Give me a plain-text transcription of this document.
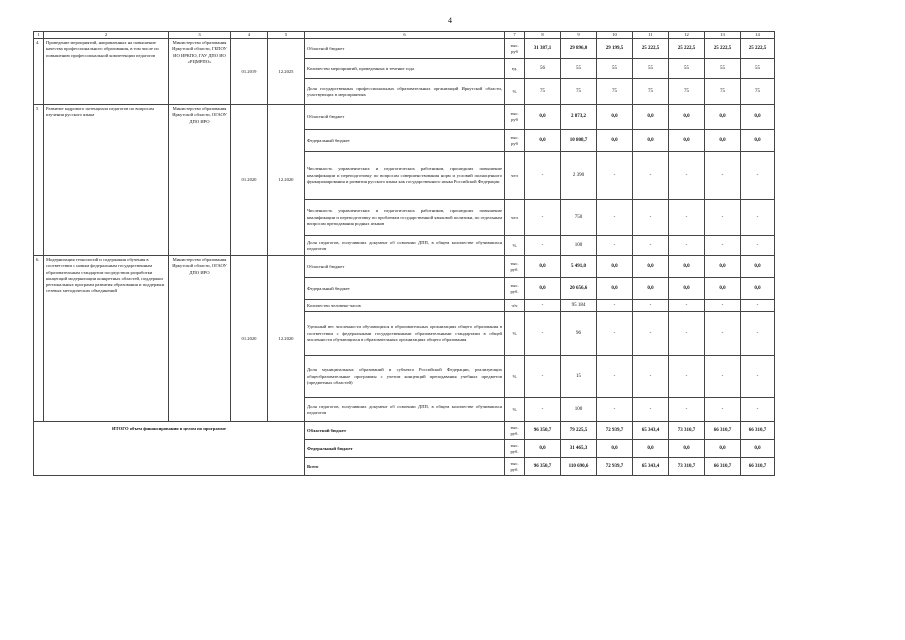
4
1	2	3	4	5	6	7	8	9	10	11	12	13	14
4.	Проведение мероприятий, направленных на повышение качества профессионального образования, в том числе по повышению профессиональной компетенции педагогов	Министерство образования Иркутской области, ГБПОУ ИО ИРКПО, ГАУ ДПО ИО «РЦМРПО»	01.2019	12.2025	Областной бюджет	тыс. руб	31 387,1	29 896,0	29 199,5	25 222,5	25 222,5	25 222,5	25 222,5
					Количество мероприятий, проведенных в течение года	ед.	56	55	55	55	55	55	55
					Доля государственных профессиональных образовательных организаций Иркутской области, участвующих в мероприятиях	%	75	75	75	75	75	75	75
5	Развитие кадрового потенциала педагогов по вопросам изучения русского языка	Министерство образования Иркутской области, ОГАОУ ДПО ИРО	01.2020	12.2020	Областной бюджет	тыс. руб	0,0	2 873,2	0,0	0,0	0,0	0,0	0,0
					Федеральный бюджет	тыс. руб	0,0	10 808,7	0,0	0,0	0,0	0,0	0,0
					Численность управленческих и педагогических работников, прошедших повышение квалификации и переподготовку по вопросам совершенствования норм и условий полноценного функционирования и развития русского языка как государственного языка Российской Федерации	чел	-	2 390	-	-	-	-	-
					Численность управленческих и педагогических работников, прошедших повышение квалификации и переподготовку по проблемам государственной языковой политики, по отдельным вопросам преподавания родных языков	чел	-	750	-	-	-	-	-
					Доля педагогов, получивших документ об освоении ДПП, в общем количестве обучившихся педагогов	%	-	100	-	-	-	-	-
6.	Модернизация технологий и содержания обучения в соответствии с новым федеральным государственным образовательным стандартом посредством разработки концепций модернизации конкретных областей, поддержки региональных программ развития образования и поддержки сетевых методических объединений	Министерство образования Иркутской области, ОГАОУ ДПО ИРО	01.2020	12.2020	Областной бюджет	тыс. руб.	0,0	5 491,0	0,0	0,0	0,0	0,0	0,0
					Федеральный бюджет	тыс. руб.	0,0	20 656,6	0,0	0,0	0,0	0,0	0,0
					Количество человеко-часов	ч/ч	-	95 184	-	-	-	-	-
					Удельный вес численности обучающихся в образовательных организациях общего образования в соответствии с федеральными государственными образовательными стандартами в общей численности обучающихся в образовательных организациях общего образования	%	-	96	-	-	-	-	-
					Доля муниципальных образований и субъекта Российской Федерации, реализующих общеобразовательные программы с учетом концепций преподавания учебных предметов (предметных областей)	%	-	15	-	-	-	-	-
					Доля педагогов, получивших документ об освоении ДПП, в общем количестве обучившихся педагогов	%	-	100	-	-	-	-	-
ИТОГО объем финансирования в целом по программе					Областной бюджет	тыс. руб.	96 350,7	79 225,5	72 939,7	65 343,4	73 310,7	66 310,7	66 310,7
					Федеральный бюджет	тыс. руб.	0,0	31 465,3	0,0	0,0	0,0	0,0	0,0
					Всего	тыс. руб.	96 350,7	110 690,6	72 939,7	65 343,4	73 310,7	66 310,7	66 310,7
